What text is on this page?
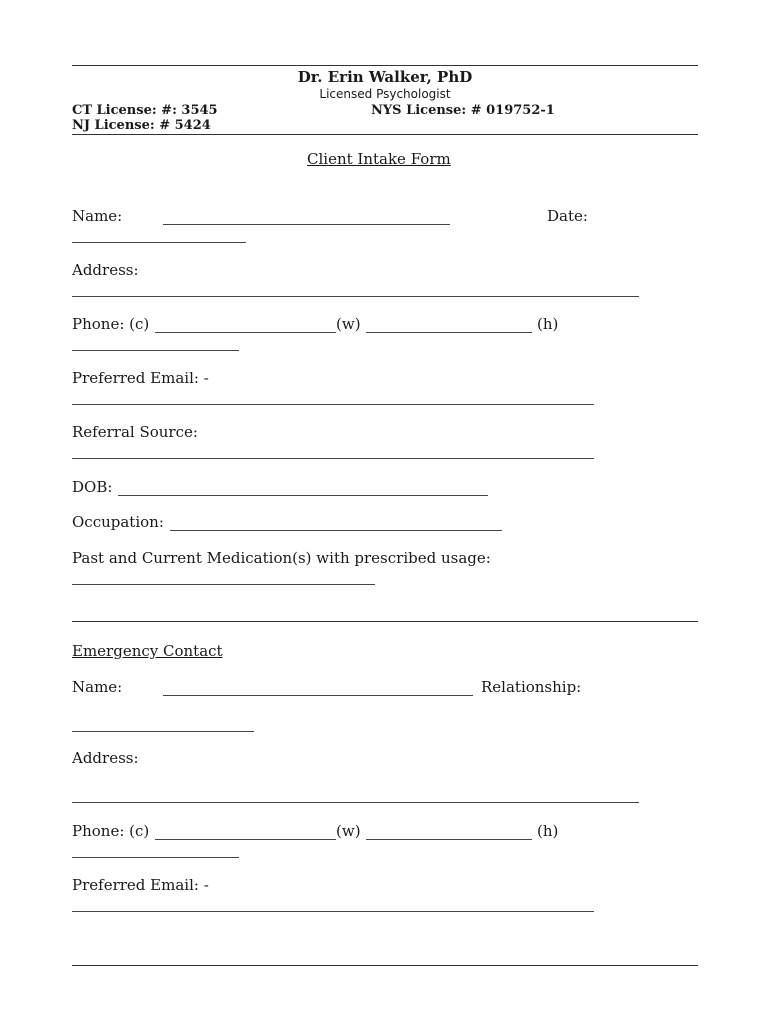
Dr. Erin Walker, PhD
Licensed Psychologist
CT License: #: 3545	NYS License: # 019752-1
NJ License: # 5424
Client Intake Form
Name:	Date:
Address:
Phone: (c)	(w)	(h)
Preferred Email: -
Referral Source:
DOB:
Occupation:
Past and Current Medication(s) with prescribed usage:
Emergency Contact
Name:	Relationship:
Address:
Phone: (c)	(w)	(h)
Preferred Email: -
